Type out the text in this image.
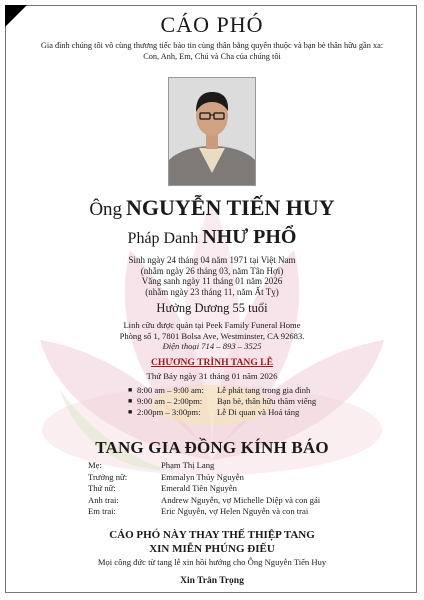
CÁO PHÓ
Gia đình chúng tôi vô cùng thương tiếc báo tin cùng thân bằng quyến thuộc và bạn bè thân hữu gần xa:
Con, Anh, Em, Chú và Cha của chúng tôi
Ông NGUYỄN TIẾN HUY
Pháp Danh NHƯ PHỔ
Sinh ngày 24 tháng 04 năm 1971 tại Việt Nam
(nhằm ngày 26 tháng 03, năm Tân Hợi)
Văng sanh ngày 11 tháng 01 năm 2026
(nhằm ngày 23 tháng 11, năm Ất Tỵ)
Hưởng Dương 55 tuổi
Linh cữu được quàn tại Peek Family Funeral Home
Phòng số 1, 7801 Bolsa Ave, Westminster, CA 92683.
Điện thoại 714 – 893 – 3525
CHƯƠNG TRÌNH TANG LỄ
Thứ Bảy ngày 31 tháng 01 năm 2026
■ 8:00 am – 9:00 am:	Lễ phát tang trong gia đình
■ 9:00 am – 2:00pm:	Bạn bè, thân hữu thăm viếng
■ 2:00pm – 3:00pm:	Lễ Di quan và Hoả táng
TANG GIA ĐỒNG KÍNH BÁO
Mẹ:	Phạm Thị Lang
Trưởng nữ:	Emmalyn Thủy Nguyễn
Thứ nữ:	Emerald Tiên Nguyễn
Anh trai:	Andrew Nguyễn, vợ Michelle Diệp và con gái
Em trai:	Eric Nguyễn, vợ Helen Nguyễn và con trai
CÁO PHÓ NÀY THAY THẾ THIỆP TANG
XIN MIỄN PHÚNG ĐIẾU
Mọi công đức từ tang lễ xin hồi hướng cho Ông Nguyễn Tiến Huy
Xin Trân Trọng
